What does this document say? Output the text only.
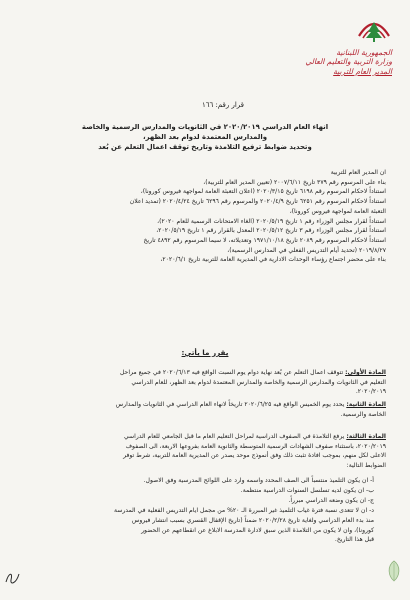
الجمهورية اللبنانية
وزارة التربية والتعليم العالي
المدير العام للتربية
قرار رقم: ١٦٦
انهاء العام الدراسي ٢٠٢٠/٢٠١٩ في الثانويات والمدارس الرسمية والخاصة
والمدارس المعتمدة لدوام بعد الظهر،
وتحديد ضوابط ترفيع التلامذة وتاريخ توقف اعمال التعلم عن بُعد

ان المدير العام للتربية

بناء على المرسوم رقم ٣٧٩ تاريخ ٢٠٠٧/٦/١١ (تعيين المدير العام للتربية)،

استناداً لاحكام المرسوم رقم ٦١٩٨ تاريخ ٢٠٢٠/٣/١٥ (اعلان التعبئة العامة لمواجهة فيروس كورونا)،

استناداً لاحكام المرسوم رقم ٦٢٥١ تاريخ ٢٠٢٠/٤/٩ والمرسوم رقم ٦٢٩٦ تاريخ ٢٠٢٠/٤/٢٤ (تمديد اعلان

التعبئة العامة لمواجهة فيروس كورونا)،

استناداً لقرار مجلس الوزراء رقم ١ تاريخ ٢٠٢٠/٥/١٩ (الغاء الامتحانات الرسمية للعام ٢٠٢٠)،

استناداً لقرار مجلس الوزراء رقم ٣ تاريخ ٢٠٢٠/٥/١٢ المعدل بالقرار رقم ١ تاريخ ٢٠٢٠/٥/١٩،

استناداً لاحكام المرسوم رقم ٢٠٨٩ تاريخ ١٩٧١/١٠/١٨ وتعديلاته، لا سيما المرسوم رقم ٤٨٩٢ تاريخ

٢٠١٩/٨/٢٧ (تحديد أيام التدريس الفعلي في المدارس الرسمية)،

بناء على محضر اجتماع رؤساء الوحدات الادارية في المديرية العامة للتربية تاريخ ٢٠٢٠/٦/١،

يقرر ما يأتي:

المادة الأولى: تتوقف اعمال التعلم عن بُعد نهاية دوام يوم السبت الواقع فيه ٢٠٢٠/٦/١٣ في جميع مراحل

التعليم في الثانويات والمدارس الرسمية والخاصة والمدارس المعتمدة لدوام بعد الظهر، للعام الدراسي

٢٠٢٠/٢٠١٩.

المادة الثانية: يحدد يوم الخميس الواقع فيه ٢٠٢٠/٦/٢٥ تاريخاً لانهاء العام الدراسي في الثانويات والمدارس

الخاصة والرسمية.

المادة الثالثة: يرفع التلامذة في الصفوف الدراسية لمراحل التعليم العام ما قبل الجامعي للعام الدراسي

٢٠٢٠/٢٠١٩، باستثناء صفوف الشهادات الرسمية المتوسطة والثانوية العامة بفروعها الاربعة، الى الصفوف

الاعلى لكل منهم، بموجب افادة تثبت ذلك وفق أنموذج موحد يصدر عن المديرية العامة للتربية، شرط توفر

الضوابط التالية:

أ- ان يكون التلميذ منتسباً الى الصف المحدد واسمه وارد على اللوائح المدرسية وفق الاصول.
ب- ان يكون لديه تسلسل السنوات الدراسية منتظمة.
ج- ان يكون وضعه الدراسي مبرراً.
د- ان لا تتعدى نسبة فترة غياب التلميذ غير المبررة الـ ٢٠% من مجمل ايام التدريس الفعلية في المدرسة
منذ بدء العام الدراسي ولغاية تاريخ ٢٠٢٠/٢/٢٨ ضمناً (تاريخ الإقفال القسري بسبب انتشار فيروس
كورونا)، وان لا يكون من التلامذة الذين سبق لادارة المدرسة الابلاغ عن انقطاعهم عن الحضور
قبل هذا التاريخ.
